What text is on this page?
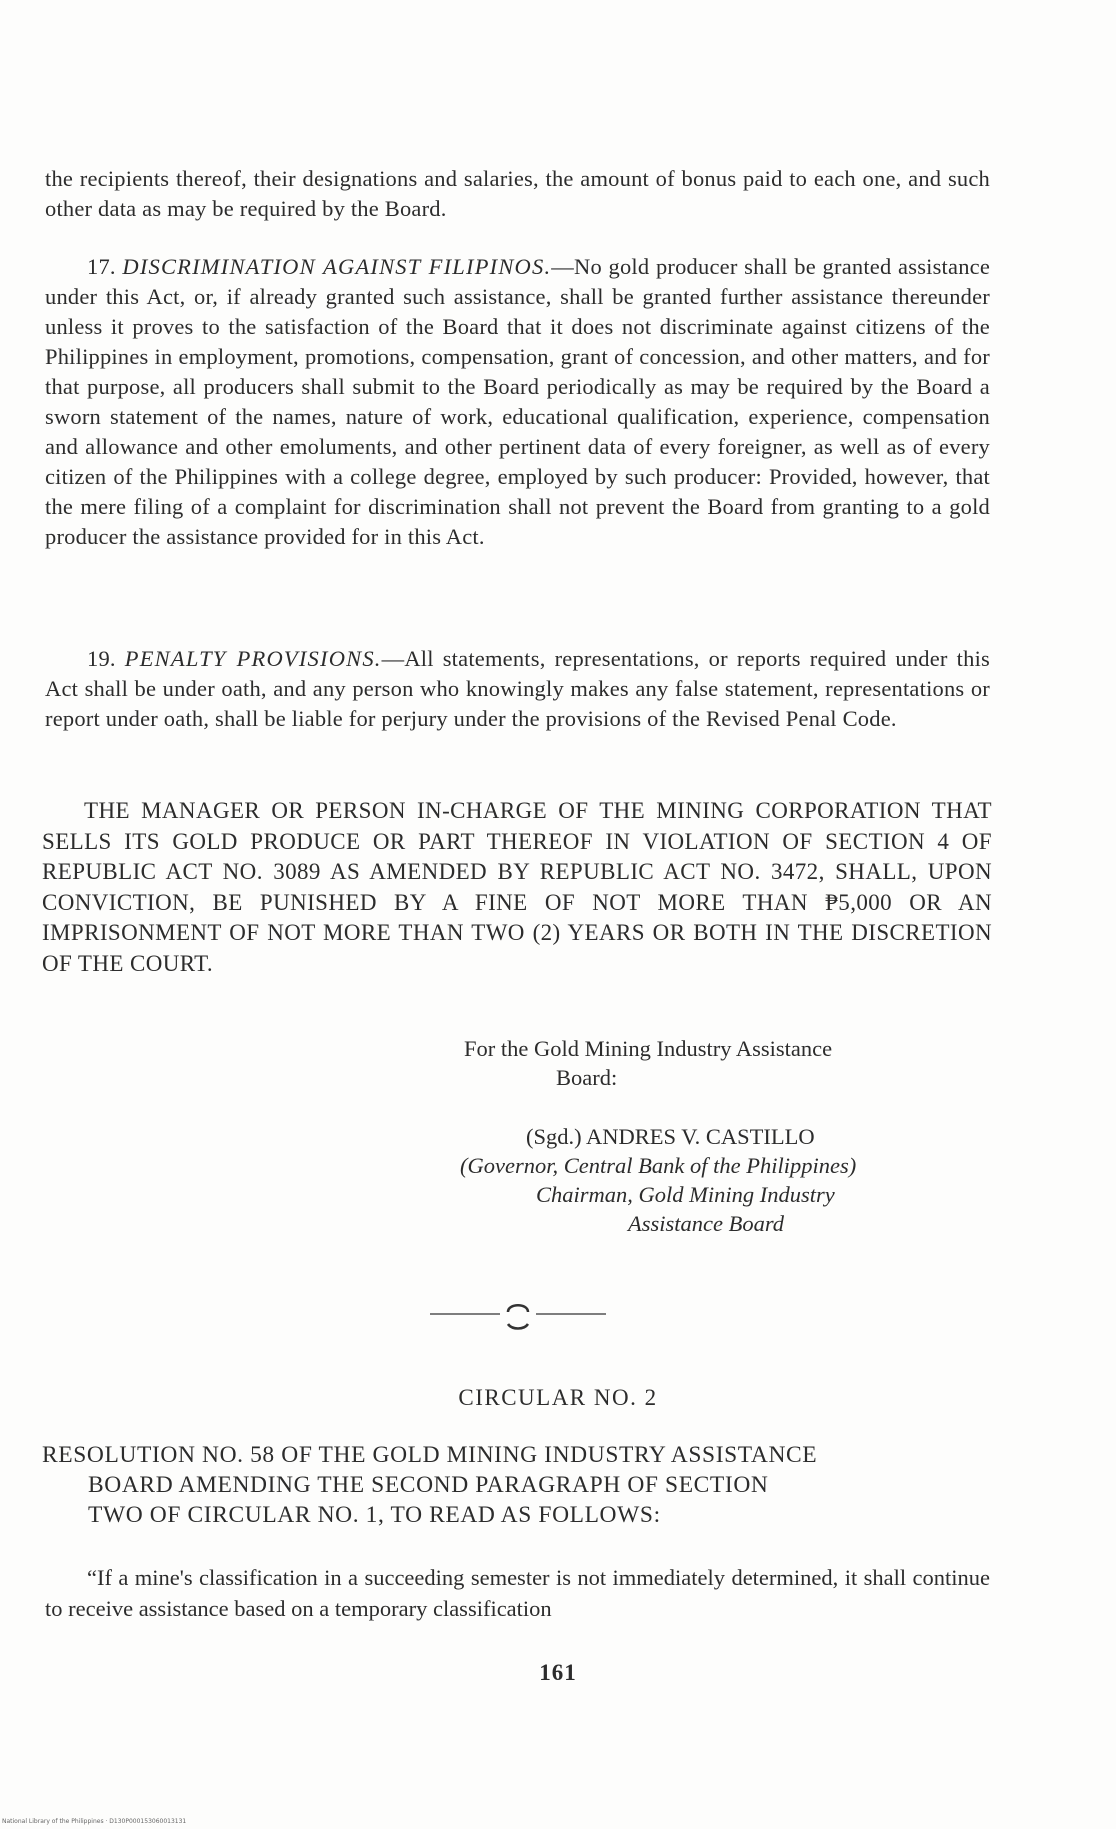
the recipients thereof, their designations and salaries, the amount of bonus paid to each one, and such other data as may be required by the Board.

17. DISCRIMINATION AGAINST FILIPINOS.—No gold producer shall be granted assistance under this Act, or, if already granted such assistance, shall be granted further assistance thereunder unless it proves to the satisfaction of the Board that it does not discriminate against citizens of the Philippines in employment, promotions, compensation, grant of concession, and other matters, and for that purpose, all producers shall submit to the Board periodically as may be required by the Board a sworn statement of the names, nature of work, educational qualification, experience, compensation and allowance and other emoluments, and other pertinent data of every foreigner, as well as of every citizen of the Philippines with a college degree, employed by such producer: Provided, however, that the mere filing of a complaint for discrimination shall not prevent the Board from granting to a gold producer the assistance provided for in this Act.

19. PENALTY PROVISIONS.—All statements, representations, or reports required under this Act shall be under oath, and any person who knowingly makes any false statement, representations or report under oath, shall be liable for perjury under the provisions of the Revised Penal Code.

THE MANAGER OR PERSON IN-CHARGE OF THE MINING CORPORATION THAT SELLS ITS GOLD PRODUCE OR PART THEREOF IN VIOLATION OF SECTION 4 OF REPUBLIC ACT NO. 3089 AS AMENDED BY REPUBLIC ACT NO. 3472, SHALL, UPON CONVICTION, BE PUNISHED BY A FINE OF NOT MORE THAN ₱5,000 OR AN IMPRISONMENT OF NOT MORE THAN TWO (2) YEARS OR BOTH IN THE DISCRETION OF THE COURT.

For the Gold Mining Industry Assistance
Board:
(Sgd.) ANDRES V. CASTILLO
(Governor, Central Bank of the Philippines)
Chairman, Gold Mining Industry
Assistance Board
CIRCULAR NO. 2
RESOLUTION NO. 58 OF THE GOLD MINING INDUSTRY ASSISTANCE
BOARD AMENDING THE SECOND PARAGRAPH OF SECTION
TWO OF CIRCULAR NO. 1, TO READ AS FOLLOWS:

“If a mine's classification in a succeeding semester is not immediately determined, it shall continue to receive assistance based on a temporary classification

161
National Library of the Philippines · D130P000153060013131
